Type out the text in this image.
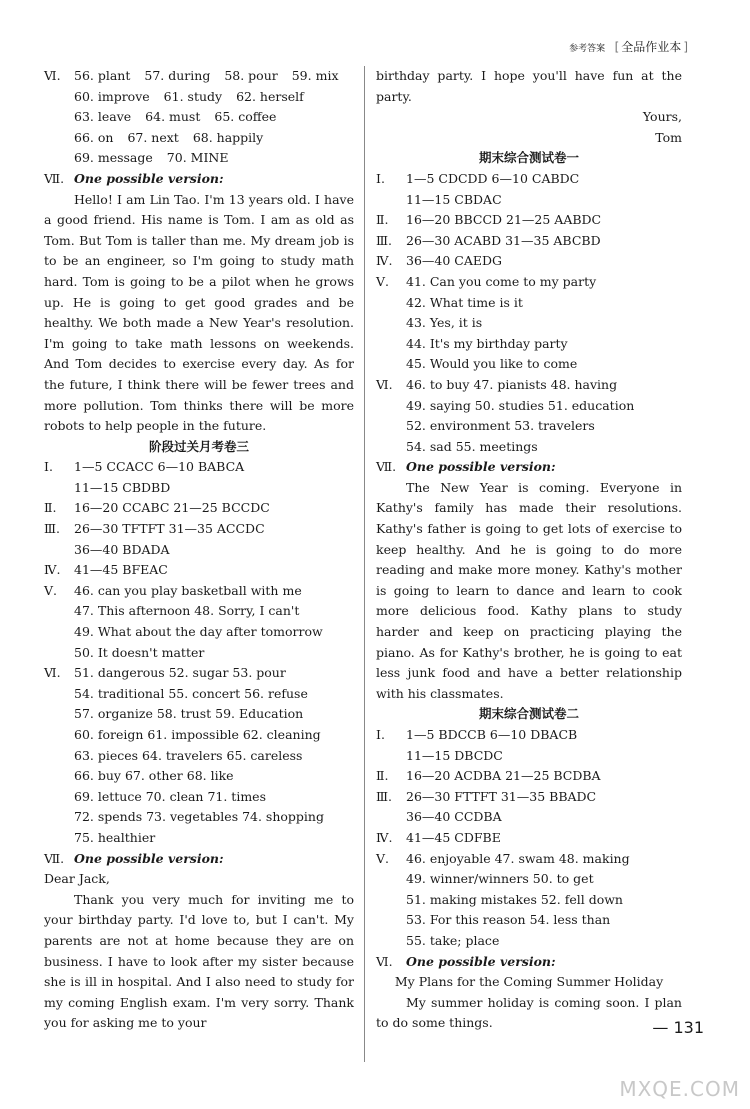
参考答案 [ 全品作业本 ]
Ⅵ. 56. plant 57. during 58. pour 59. mix
60. improve 61. study 62. herself
63. leave 64. must 65. coffee
66. on 67. next 68. happily
69. message 70. MINE
Ⅶ. One possible version:
Hello! I am Lin Tao. I'm 13 years old. I have a good friend. His name is Tom. I am as old as Tom. But Tom is taller than me. My dream job is to be an engineer, so I'm going to study math hard. Tom is going to be a pilot when he grows up. He is going to get good grades and be healthy. We both made a New Year's resolution. I'm going to take math lessons on weekends. And Tom decides to exercise every day. As for the future, I think there will be fewer trees and more pollution. Tom thinks there will be more robots to help people in the future.
阶段过关月考卷三
Ⅰ. 1—5 CCACC 6—10 BABCA
11—15 CBDBD
Ⅱ. 16—20 CCABC 21—25 BCCDC
Ⅲ. 26—30 TFTFT 31—35 ACCDC
36—40 BDADA
Ⅳ. 41—45 BFEAC
Ⅴ. 46. can you play basketball with me
47. This afternoon 48. Sorry, I can't
49. What about the day after tomorrow
50. It doesn't matter
Ⅵ. 51. dangerous 52. sugar 53. pour
54. traditional 55. concert 56. refuse
57. organize 58. trust 59. Education
60. foreign 61. impossible 62. cleaning
63. pieces 64. travelers 65. careless
66. buy 67. other 68. like
69. lettuce 70. clean 71. times
72. spends 73. vegetables 74. shopping
75. healthier
Ⅶ. One possible version:
Dear Jack,
Thank you very much for inviting me to your birthday party. I'd love to, but I can't. My parents are not at home because they are on business. I have to look after my sister because she is ill in hospital. And I also need to study for my coming English exam. I'm very sorry. Thank you for asking me to your
birthday party. I hope you'll have fun at the party.
Yours,
Tom
期末综合测试卷一
Ⅰ. 1—5 CDCDD 6—10 CABDC
11—15 CBDAC
Ⅱ. 16—20 BBCCD 21—25 AABDC
Ⅲ. 26—30 ACABD 31—35 ABCBD
Ⅳ. 36—40 CAEDG
Ⅴ. 41. Can you come to my party
42. What time is it
43. Yes, it is
44. It's my birthday party
45. Would you like to come
Ⅵ. 46. to buy 47. pianists 48. having
49. saying 50. studies 51. education
52. environment 53. travelers
54. sad 55. meetings
Ⅶ. One possible version:
The New Year is coming. Everyone in Kathy's family has made their resolutions. Kathy's father is going to get lots of exercise to keep healthy. And he is going to do more reading and make more money. Kathy's mother is going to learn to dance and learn to cook more delicious food. Kathy plans to study harder and keep on practicing playing the piano. As for Kathy's brother, he is going to eat less junk food and have a better relationship with his classmates.
期末综合测试卷二
Ⅰ. 1—5 BDCCB 6—10 DBACB
11—15 DBCDC
Ⅱ. 16—20 ACDBA 21—25 BCDBA
Ⅲ. 26—30 FTTFT 31—35 BBADC
36—40 CCDBA
Ⅳ. 41—45 CDFBE
Ⅴ. 46. enjoyable 47. swam 48. making
49. winner/winners 50. to get
51. making mistakes 52. fell down
53. For this reason 54. less than
55. take; place
Ⅵ. One possible version:
My Plans for the Coming Summer Holiday
My summer holiday is coming soon. I plan to do some things.	— 131
MXQE.COM
